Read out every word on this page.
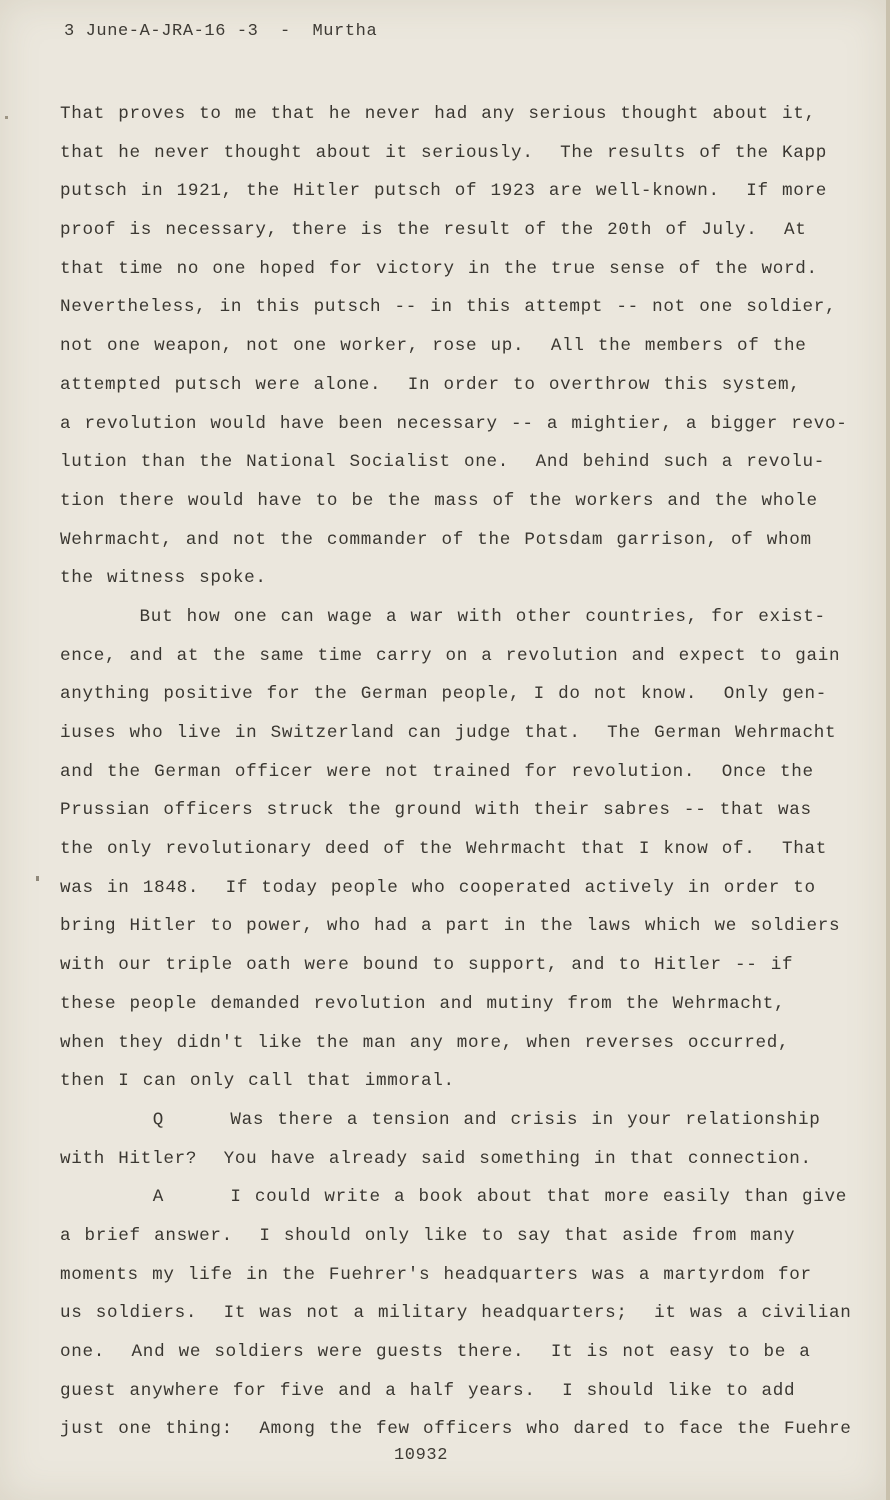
3 June-A-JRA-16 -3  -  Murtha
That proves to me that he never had any serious thought about it,
that he never thought about it seriously.  The results of the Kapp
putsch in 1921, the Hitler putsch of 1923 are well-known.  If more
proof is necessary, there is the result of the 20th of July.  At
that time no one hoped for victory in the true sense of the word.
Nevertheless, in this putsch -- in this attempt -- not one soldier,
not one weapon, not one worker, rose up.  All the members of the
attempted putsch were alone.  In order to overthrow this system,
a revolution would have been necessary -- a mightier, a bigger revo-
lution than the National Socialist one.  And behind such a revolu-
tion there would have to be the mass of the workers and the whole
Wehrmacht, and not the commander of the Potsdam garrison, of whom
the witness spoke.
But how one can wage a war with other countries, for exist-
ence, and at the same time carry on a revolution and expect to gain
anything positive for the German people, I do not know.  Only gen-
iuses who live in Switzerland can judge that.  The German Wehrmacht
and the German officer were not trained for revolution.  Once the
Prussian officers struck the ground with their sabres -- that was
the only revolutionary deed of the Wehrmacht that I know of.  That
was in 1848.  If today people who cooperated actively in order to
bring Hitler to power, who had a part in the laws which we soldiers
with our triple oath were bound to support, and to Hitler -- if
these people demanded revolution and mutiny from the Wehrmacht,
when they didn't like the man any more, when reverses occurred,
then I can only call that immoral.
Q     Was there a tension and crisis in your relationship
with Hitler?  You have already said something in that connection.
A     I could write a book about that more easily than give
a brief answer.  I should only like to say that aside from many
moments my life in the Fuehrer's headquarters was a martyrdom for
us soldiers.  It was not a military headquarters;  it was a civilian
one.  And we soldiers were guests there.  It is not easy to be a
guest anywhere for five and a half years.  I should like to add
just one thing:  Among the few officers who dared to face the Fuehre
10932
